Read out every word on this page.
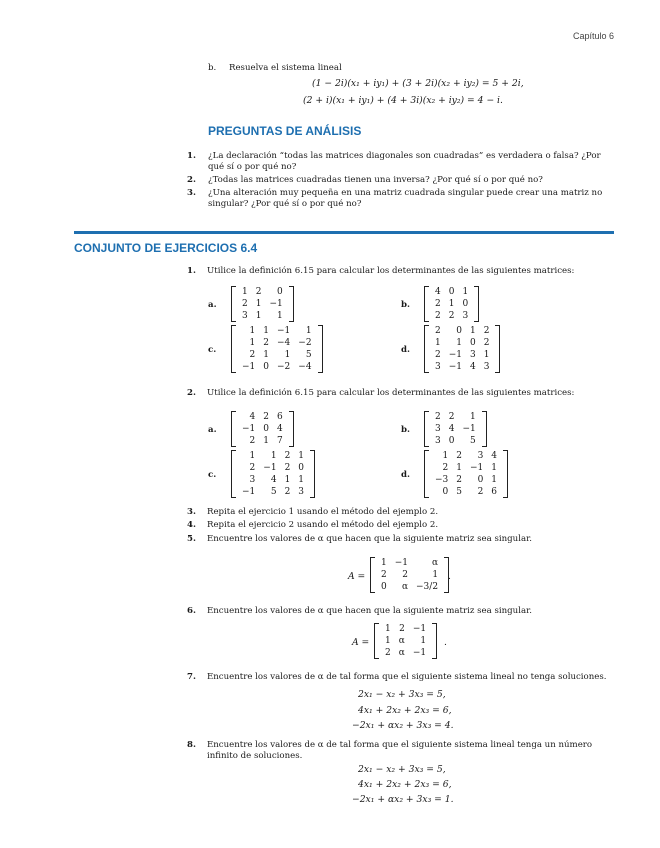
Capítulo 6
b. Resuelva el sistema lineal
(1 − 2i)(x₁ + iy₁) + (3 + 2i)(x₂ + iy₂) = 5 + 2i,
(2 + i)(x₁ + iy₁) + (4 + 3i)(x₂ + iy₂) = 4 − i.
PREGUNTAS DE ANÁLISIS
1. ¿La declaración “todas las matrices diagonales son cuadradas” es verdadera o falsa? ¿Por qué sí o por qué no?
2. ¿Todas las matrices cuadradas tienen una inversa? ¿Por qué sí o por qué no?
3. ¿Una alteración muy pequeña en una matriz cuadrada singular puede crear una matriz no singular? ¿Por qué sí o por qué no?
CONJUNTO DE EJERCICIOS 6.4
1. Utilice la definición 6.15 para calcular los determinantes de las siguientes matrices:
a.
1	2	0
2	1	−1
3	1	1
b.
4	0	1
2	1	0
2	2	3
c.
1	1	−1	1
1	2	−4	−2
2	1	1	5
−1	0	−2	−4
d.
2	0	1	2
1	1	0	2
2	−1	3	1
3	−1	4	3
2. Utilice la definición 6.15 para calcular los determinantes de las siguientes matrices:
a.
4	2	6
−1	0	4
2	1	7
b.
2	2	1
3	4	−1
3	0	5
c.
1	1	2	1
2	−1	2	0
3	4	1	1
−1	5	2	3
d.
1	2	3	4
2	1	−1	1
−3	2	0	1
0	5	2	6
3. Repita el ejercicio 1 usando el método del ejemplo 2.
4. Repita el ejercicio 2 usando el método del ejemplo 2.
5. Encuentre los valores de α que hacen que la siguiente matriz sea singular.
A =
1	−1	α
2	2	1
0	α	−3/2
.
6. Encuentre los valores de α que hacen que la siguiente matriz sea singular.
A =
1	2	−1
1	α	1
2	α	−1
.
7. Encuentre los valores de α de tal forma que el siguiente sistema lineal no tenga soluciones.
2x₁ − x₂ + 3x₃ = 5,
4x₁ + 2x₂ + 2x₃ = 6,
−2x₁ + αx₂ + 3x₃ = 4.
8. Encuentre los valores de α de tal forma que el siguiente sistema lineal tenga un número infinito de soluciones.
2x₁ − x₂ + 3x₃ = 5,
4x₁ + 2x₂ + 2x₃ = 6,
−2x₁ + αx₂ + 3x₃ = 1.
